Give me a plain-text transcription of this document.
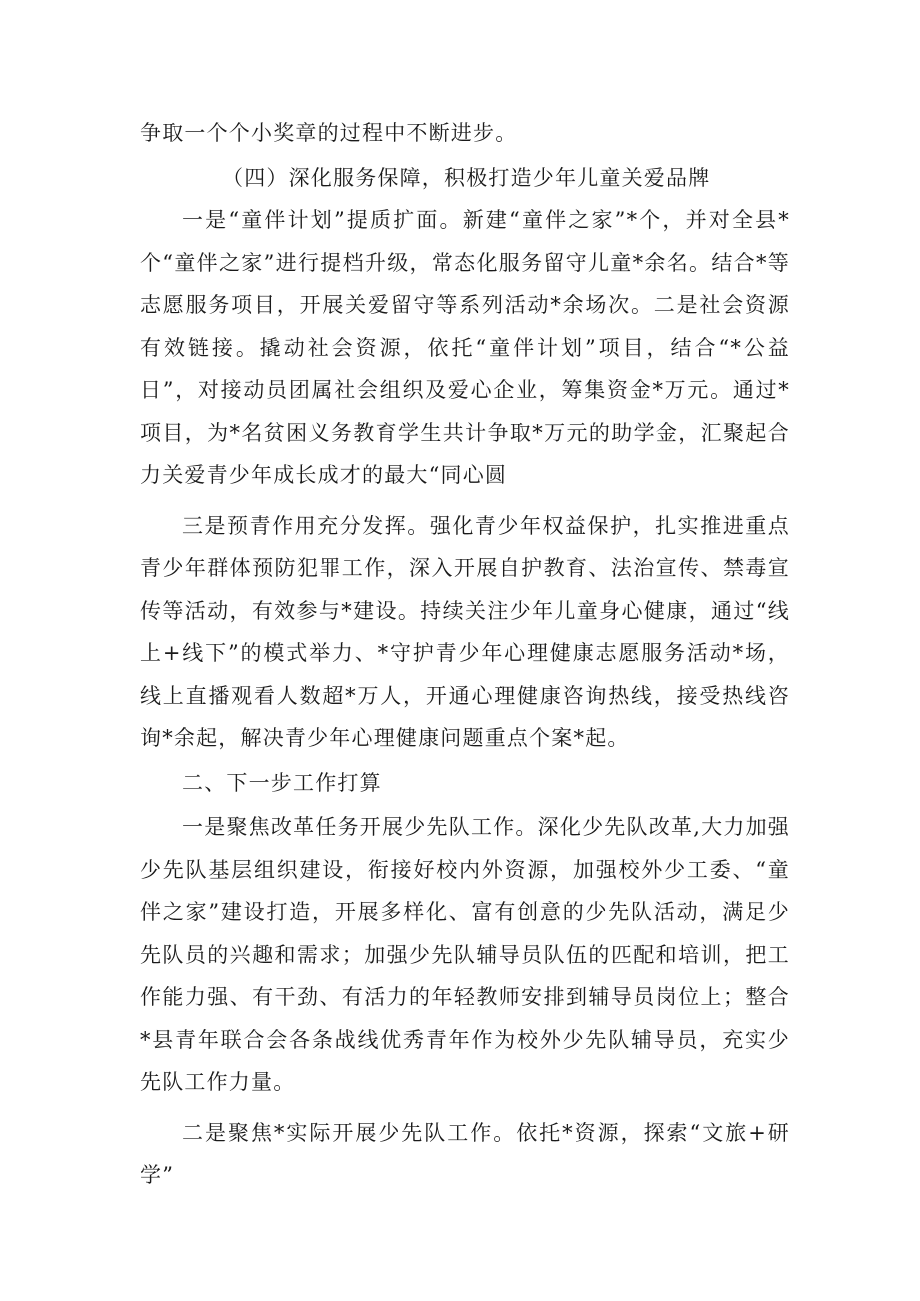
争取一个个小奖章的过程中不断进步。

（四）深化服务保障，积极打造少年儿童关爱品牌

一是“童伴计划”提质扩面。新建“童伴之家”*个，并对全县*个“童伴之家”进行提档升级，常态化服务留守儿童*余名。结合*等志愿服务项目，开展关爱留守等系列活动*余场次。二是社会资源有效链接。撬动社会资源，依托“童伴计划”项目，结合“*公益日”，对接动员团属社会组织及爱心企业，筹集资金*万元。通过*项目，为*名贫困义务教育学生共计争取*万元的助学金，汇聚起合力关爱青少年成长成才的最大“同心圆

三是预青作用充分发挥。强化青少年权益保护，扎实推进重点青少年群体预防犯罪工作，深入开展自护教育、法治宣传、禁毒宣传等活动，有效参与*建设。持续关注少年儿童身心健康，通过“线上+线下”的模式举力、*守护青少年心理健康志愿服务活动*场，线上直播观看人数超*万人，开通心理健康咨询热线，接受热线咨询*余起，解决青少年心理健康问题重点个案*起。

二、下一步工作打算

一是聚焦改革任务开展少先队工作。深化少先队改革,大力加强少先队基层组织建设，衔接好校内外资源，加强校外少工委、“童伴之家”建设打造，开展多样化、富有创意的少先队活动，满足少先队员的兴趣和需求；加强少先队辅导员队伍的匹配和培训，把工作能力强、有干劲、有活力的年轻教师安排到辅导员岗位上；整合*县青年联合会各条战线优秀青年作为校外少先队辅导员，充实少先队工作力量。

二是聚焦*实际开展少先队工作。依托*资源，探索“文旅+研学”
